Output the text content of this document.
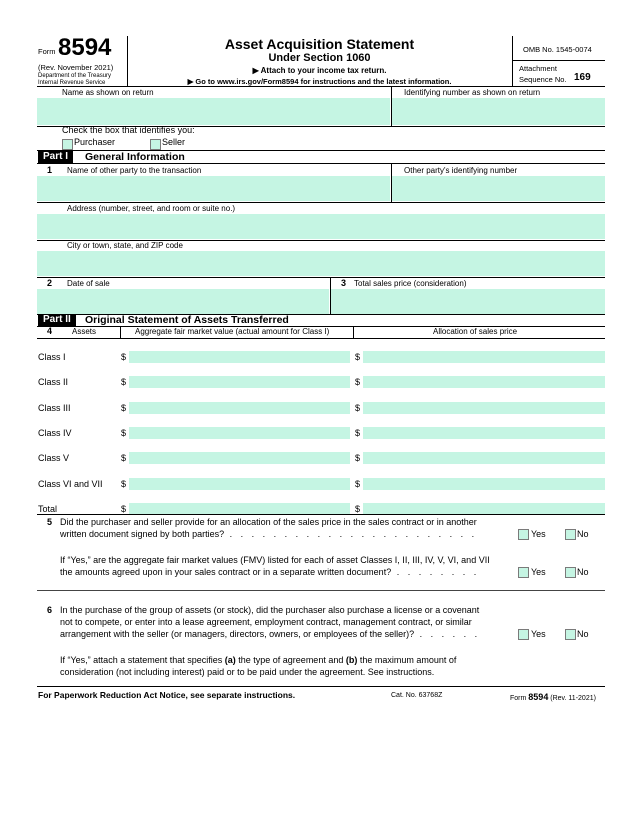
Form 8594
(Rev. November 2021)
Department of the Treasury
Internal Revenue Service
Asset Acquisition Statement
Under Section 1060
▶ Attach to your income tax return.
▶ Go to www.irs.gov/Form8594 for instructions and the latest information.
OMB No. 1545-0074
Attachment
Sequence No. 169
Name as shown on return	Identifying number as shown on return
Check the box that identifies you:
Purchaser	Seller
Part I	General Information
1 Name of other party to the transaction	Other party's identifying number
Address (number, street, and room or suite no.)
City or town, state, and ZIP code
2 Date of sale	3 Total sales price (consideration)
Part II	Original Statement of Assets Transferred
4 Assets	Aggregate fair market value (actual amount for Class I)	Allocation of sales price
Class I	$	$
Class II	$	$
Class III	$	$
Class IV	$	$
Class V	$	$
Class VI and VII $	$
Total	$	$
5 Did the purchaser and seller provide for an allocation of the sales price in the sales contract or in another
written document signed by both parties? . . . . . . . . . . . . . . . . . . . . . . .	Yes	No
If “Yes,” are the aggregate fair market values (FMV) listed for each of asset Classes I, II, III, IV, V, VI, and VII
the amounts agreed upon in your sales contract or in a separate written document? . . . . . . . .	Yes	No
6 In the purchase of the group of assets (or stock), did the purchaser also purchase a license or a covenant
not to compete, or enter into a lease agreement, employment contract, management contract, or similar
arrangement with the seller (or managers, directors, owners, or employees of the seller)? . . . . . .	Yes	No
If “Yes,” attach a statement that specifies (a) the type of agreement and (b) the maximum amount of
consideration (not including interest) paid or to be paid under the agreement. See instructions.
For Paperwork Reduction Act Notice, see separate instructions.	Cat. No. 63768Z	Form 8594 (Rev. 11-2021)
